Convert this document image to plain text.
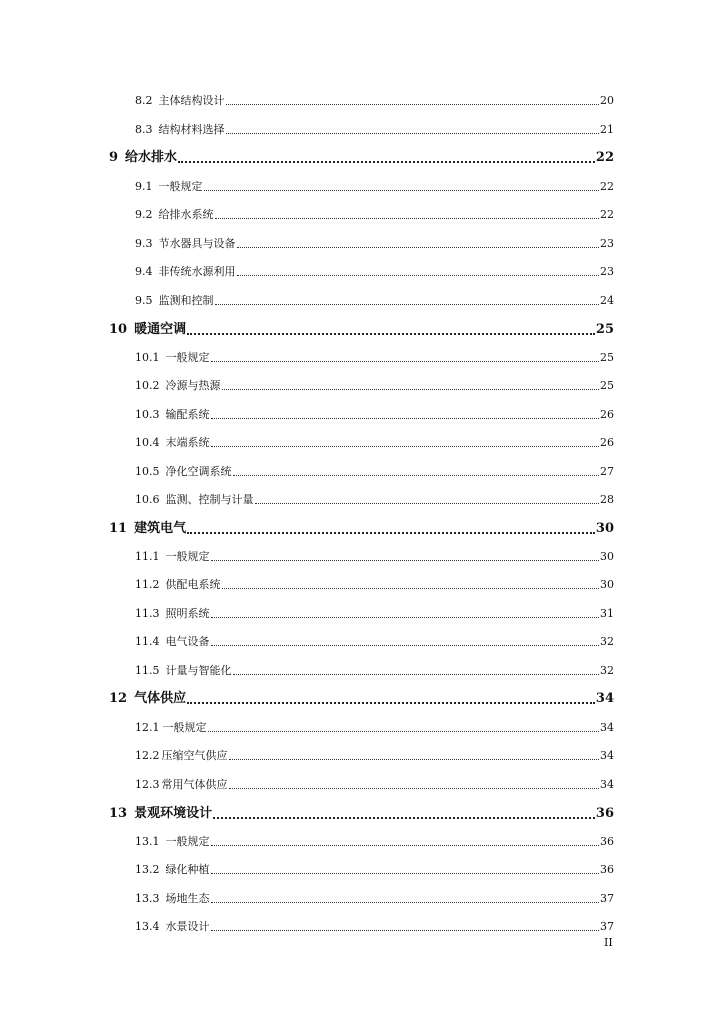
8.2 主体结构设计	20
8.3 结构材料选择	21
9 给水排水	22
9.1 一般规定	22
9.2 给排水系统	22
9.3 节水器具与设备	23
9.4 非传统水源利用	23
9.5 监测和控制	24
10 暖通空调	25
10.1 一般规定	25
10.2 冷源与热源	25
10.3 输配系统	26
10.4 末端系统	26
10.5 净化空调系统	27
10.6 监测、控制与计量	28
11 建筑电气	30
11.1 一般规定	30
11.2 供配电系统	30
11.3 照明系统	31
11.4 电气设备	32
11.5 计量与智能化	32
12 气体供应	34
12.1 一般规定	34
12.2 压缩空气供应	34
12.3 常用气体供应	34
13 景观环境设计	36
13.1 一般规定	36
13.2 绿化种植	36
13.3 场地生态	37
13.4 水景设计	37
II
